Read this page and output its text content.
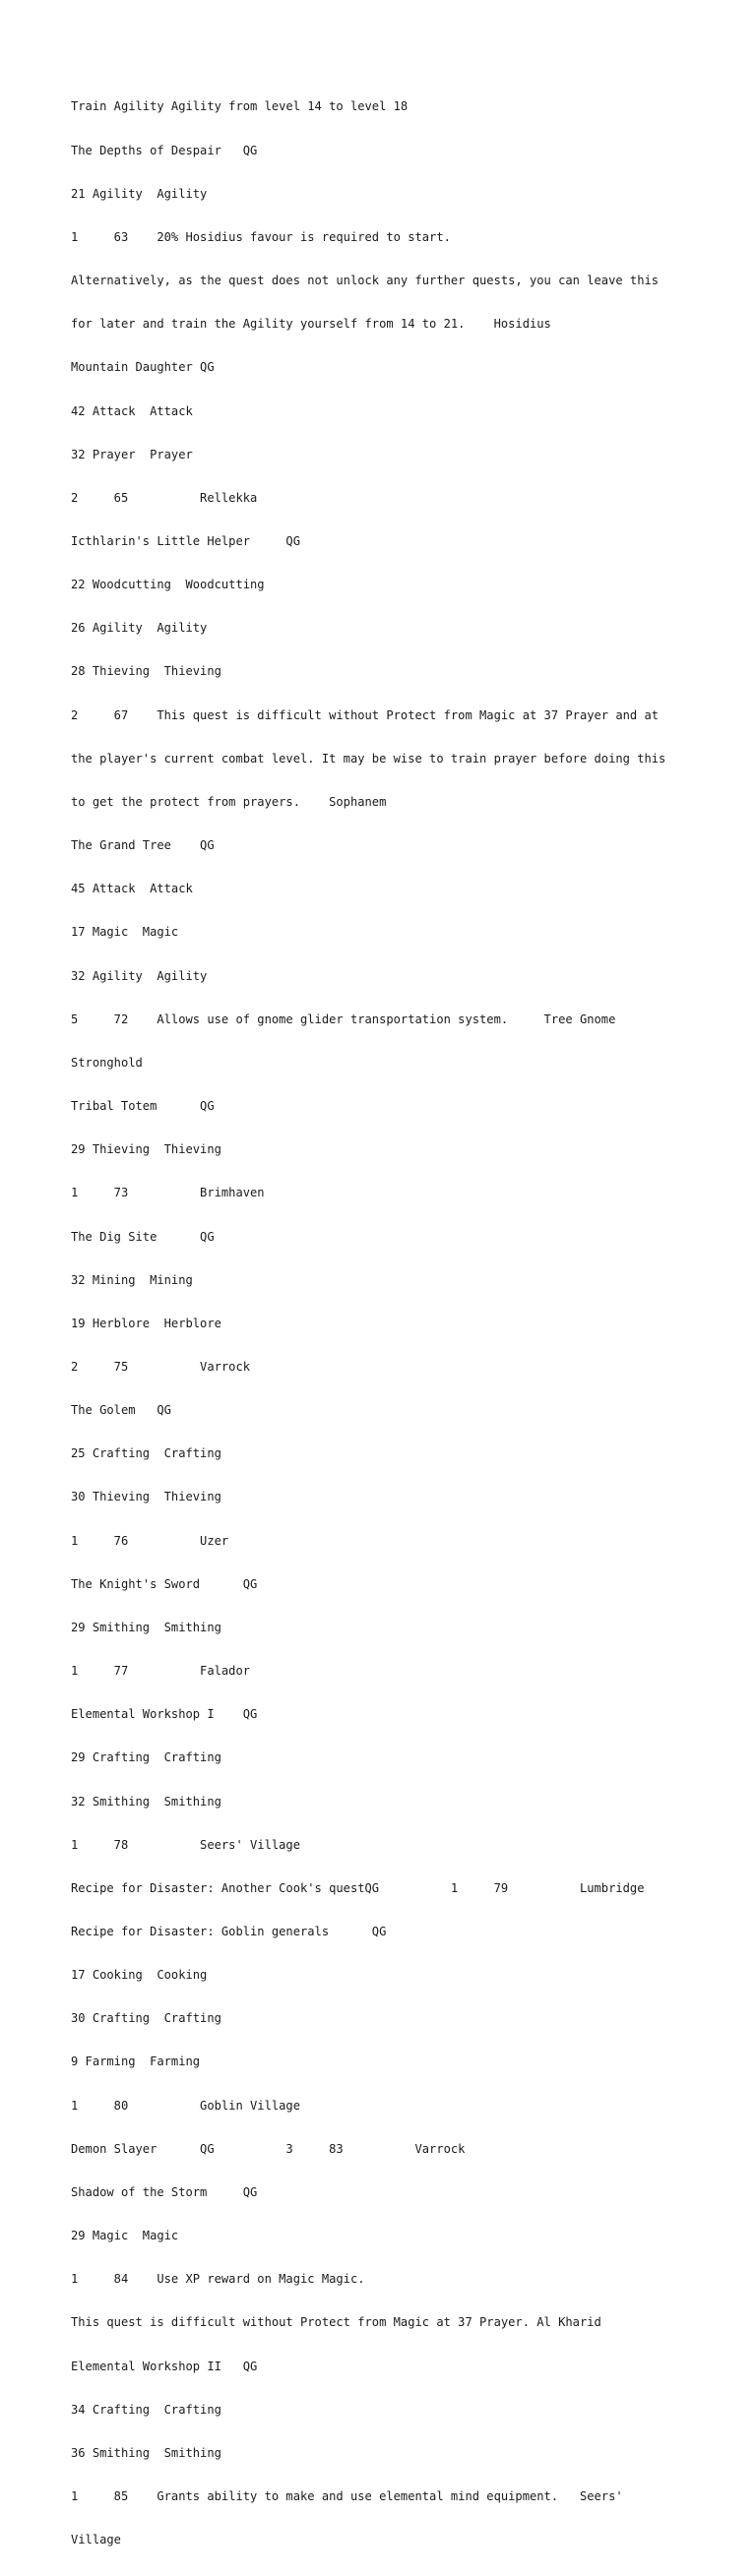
Train Agility Agility from level 14 to level 18

The Depths of Despair   QG

21 Agility  Agility

1     63    20% Hosidius favour is required to start.

Alternatively, as the quest does not unlock any further quests, you can leave this

for later and train the Agility yourself from 14 to 21.    Hosidius

Mountain Daughter QG

42 Attack  Attack

32 Prayer  Prayer

2     65          Rellekka

Icthlarin's Little Helper     QG

22 Woodcutting  Woodcutting

26 Agility  Agility

28 Thieving  Thieving

2     67    This quest is difficult without Protect from Magic at 37 Prayer and at

the player's current combat level. It may be wise to train prayer before doing this

to get the protect from prayers.    Sophanem

The Grand Tree    QG

45 Attack  Attack

17 Magic  Magic

32 Agility  Agility

5     72    Allows use of gnome glider transportation system.     Tree Gnome

Stronghold

Tribal Totem      QG

29 Thieving  Thieving

1     73          Brimhaven

The Dig Site      QG

32 Mining  Mining

19 Herblore  Herblore

2     75          Varrock

The Golem   QG

25 Crafting  Crafting

30 Thieving  Thieving

1     76          Uzer

The Knight's Sword      QG

29 Smithing  Smithing

1     77          Falador

Elemental Workshop I    QG

29 Crafting  Crafting

32 Smithing  Smithing

1     78          Seers' Village

Recipe for Disaster: Another Cook's questQG          1     79          Lumbridge

Recipe for Disaster: Goblin generals      QG

17 Cooking  Cooking

30 Crafting  Crafting

9 Farming  Farming

1     80          Goblin Village

Demon Slayer      QG          3     83          Varrock

Shadow of the Storm     QG

29 Magic  Magic

1     84    Use XP reward on Magic Magic.

This quest is difficult without Protect from Magic at 37 Prayer. Al Kharid

Elemental Workshop II   QG

34 Crafting  Crafting

36 Smithing  Smithing

1     85    Grants ability to make and use elemental mind equipment.   Seers'

Village
